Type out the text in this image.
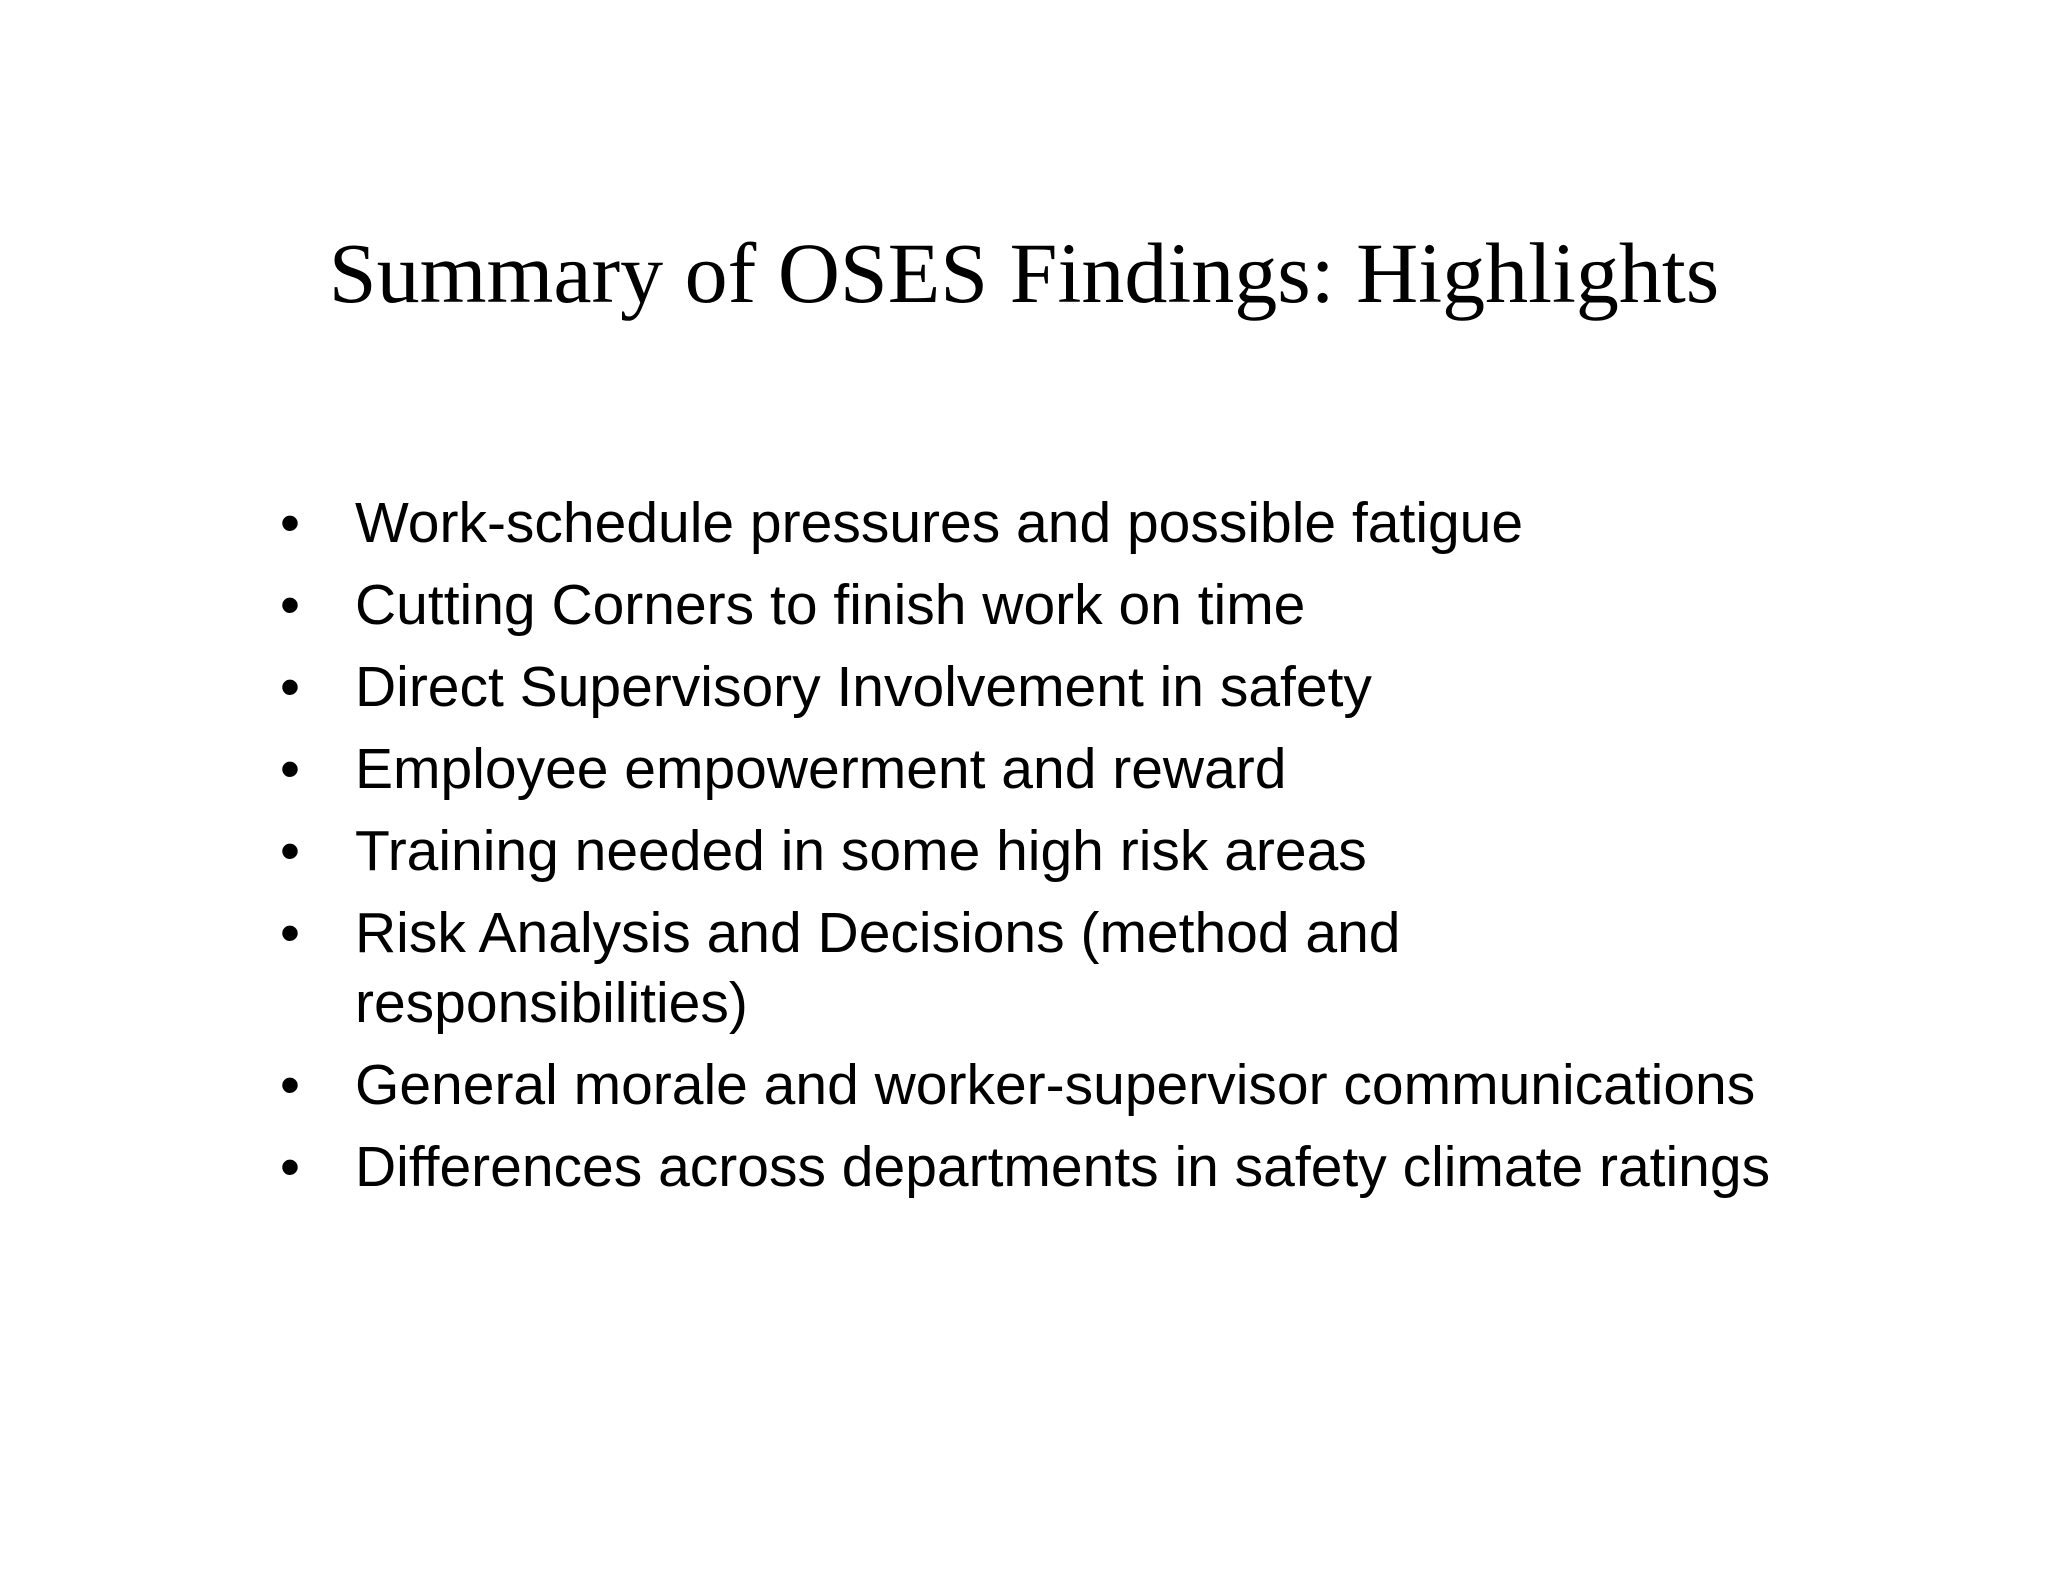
Summary of OSES Findings: Highlights
• Work-schedule pressures and possible fatigue
• Cutting Corners to finish work on time
• Direct Supervisory Involvement in safety
• Employee empowerment and reward
• Training needed in some high risk areas
• Risk Analysis and Decisions (method and responsibilities)
• General morale and worker-supervisor communications
• Differences across departments in safety climate ratings
